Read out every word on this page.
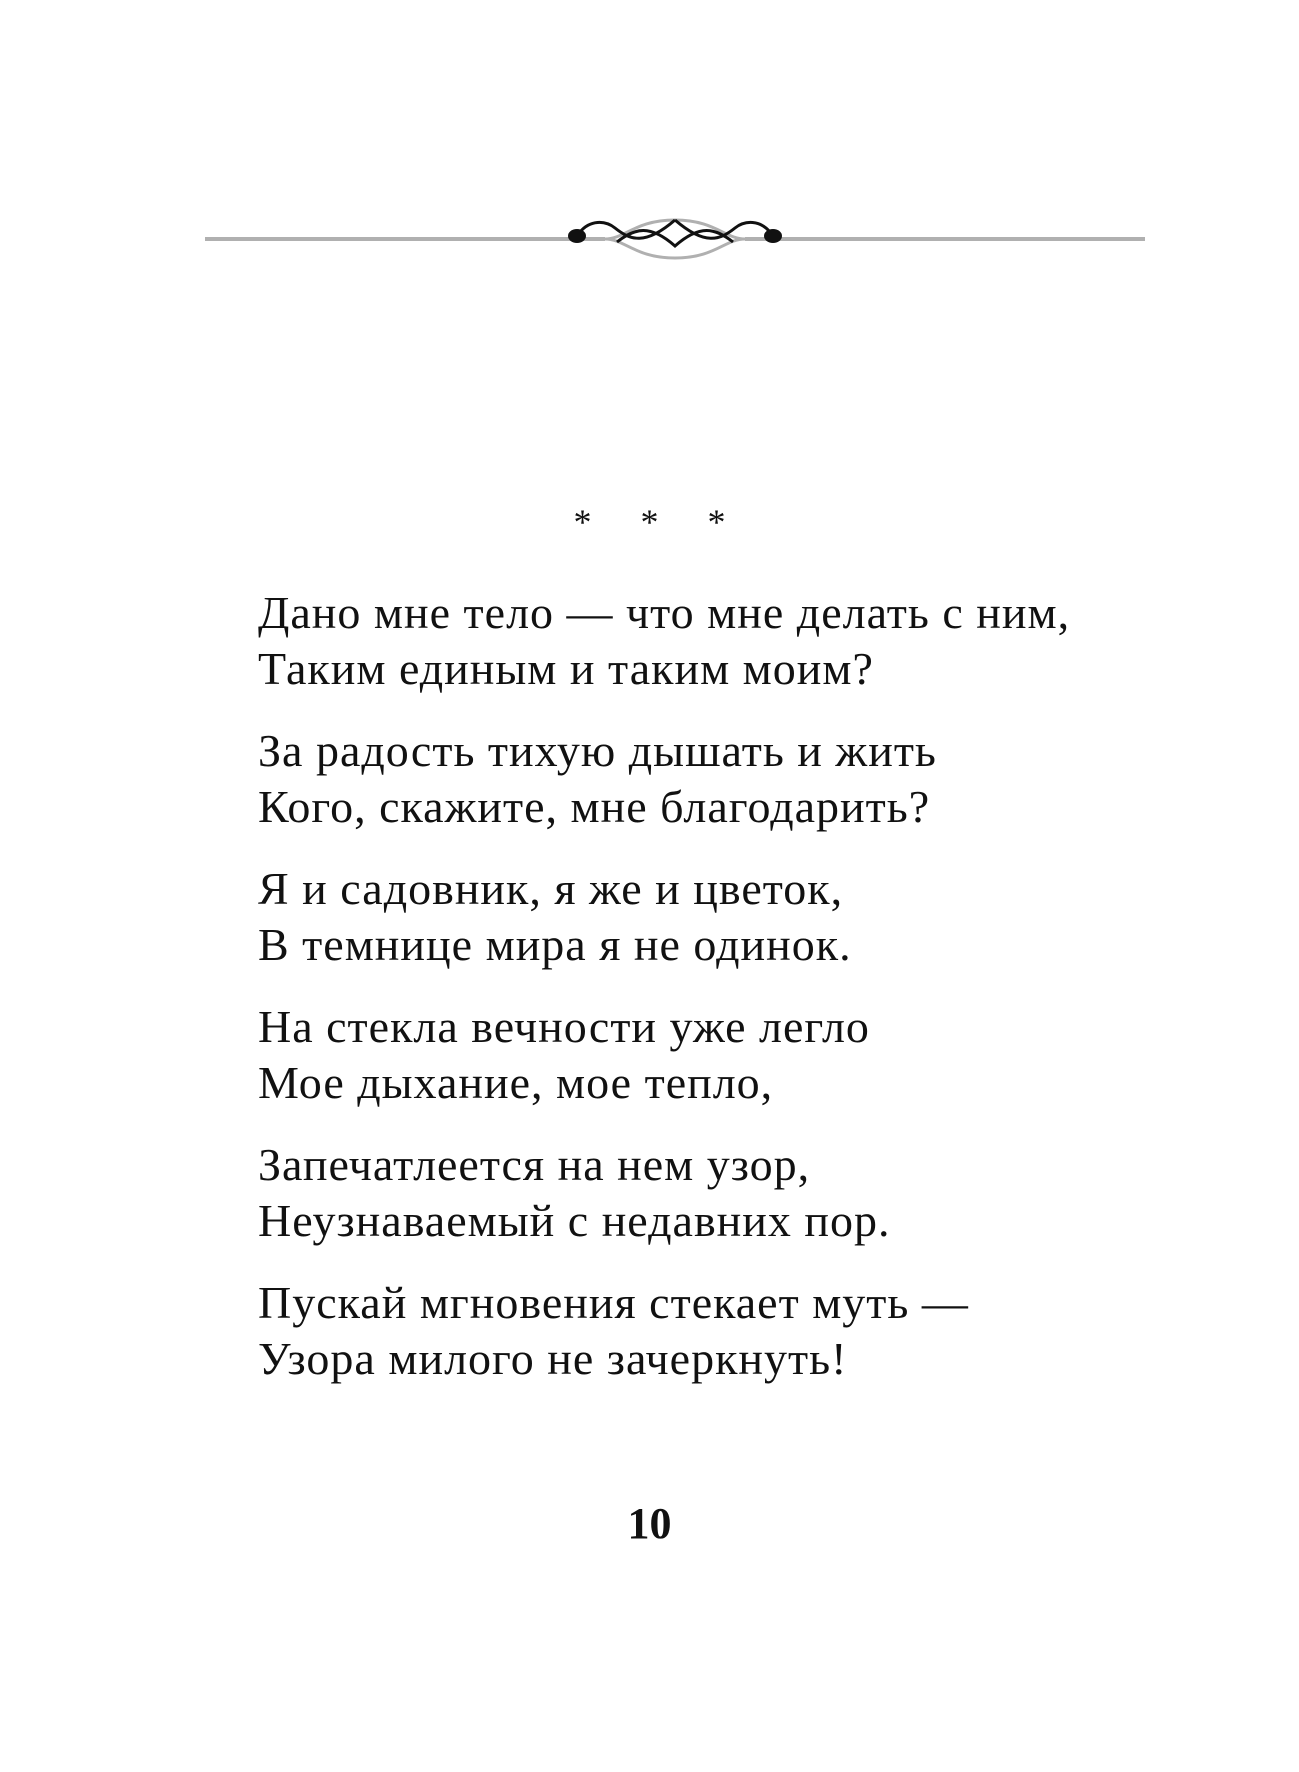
* * *
Дано мне тело — что мне делать с ним,
Таким единым и таким моим?
За радость тихую дышать и жить
Кого, скажите, мне благодарить?
Я и садовник, я же и цветок,
В темнице мира я не одинок.
На стекла вечности уже легло
Мое дыхание, мое тепло,
Запечатлеется на нем узор,
Неузнаваемый с недавних пор.
Пускай мгновения стекает муть —
Узора милого не зачеркнуть!
10
